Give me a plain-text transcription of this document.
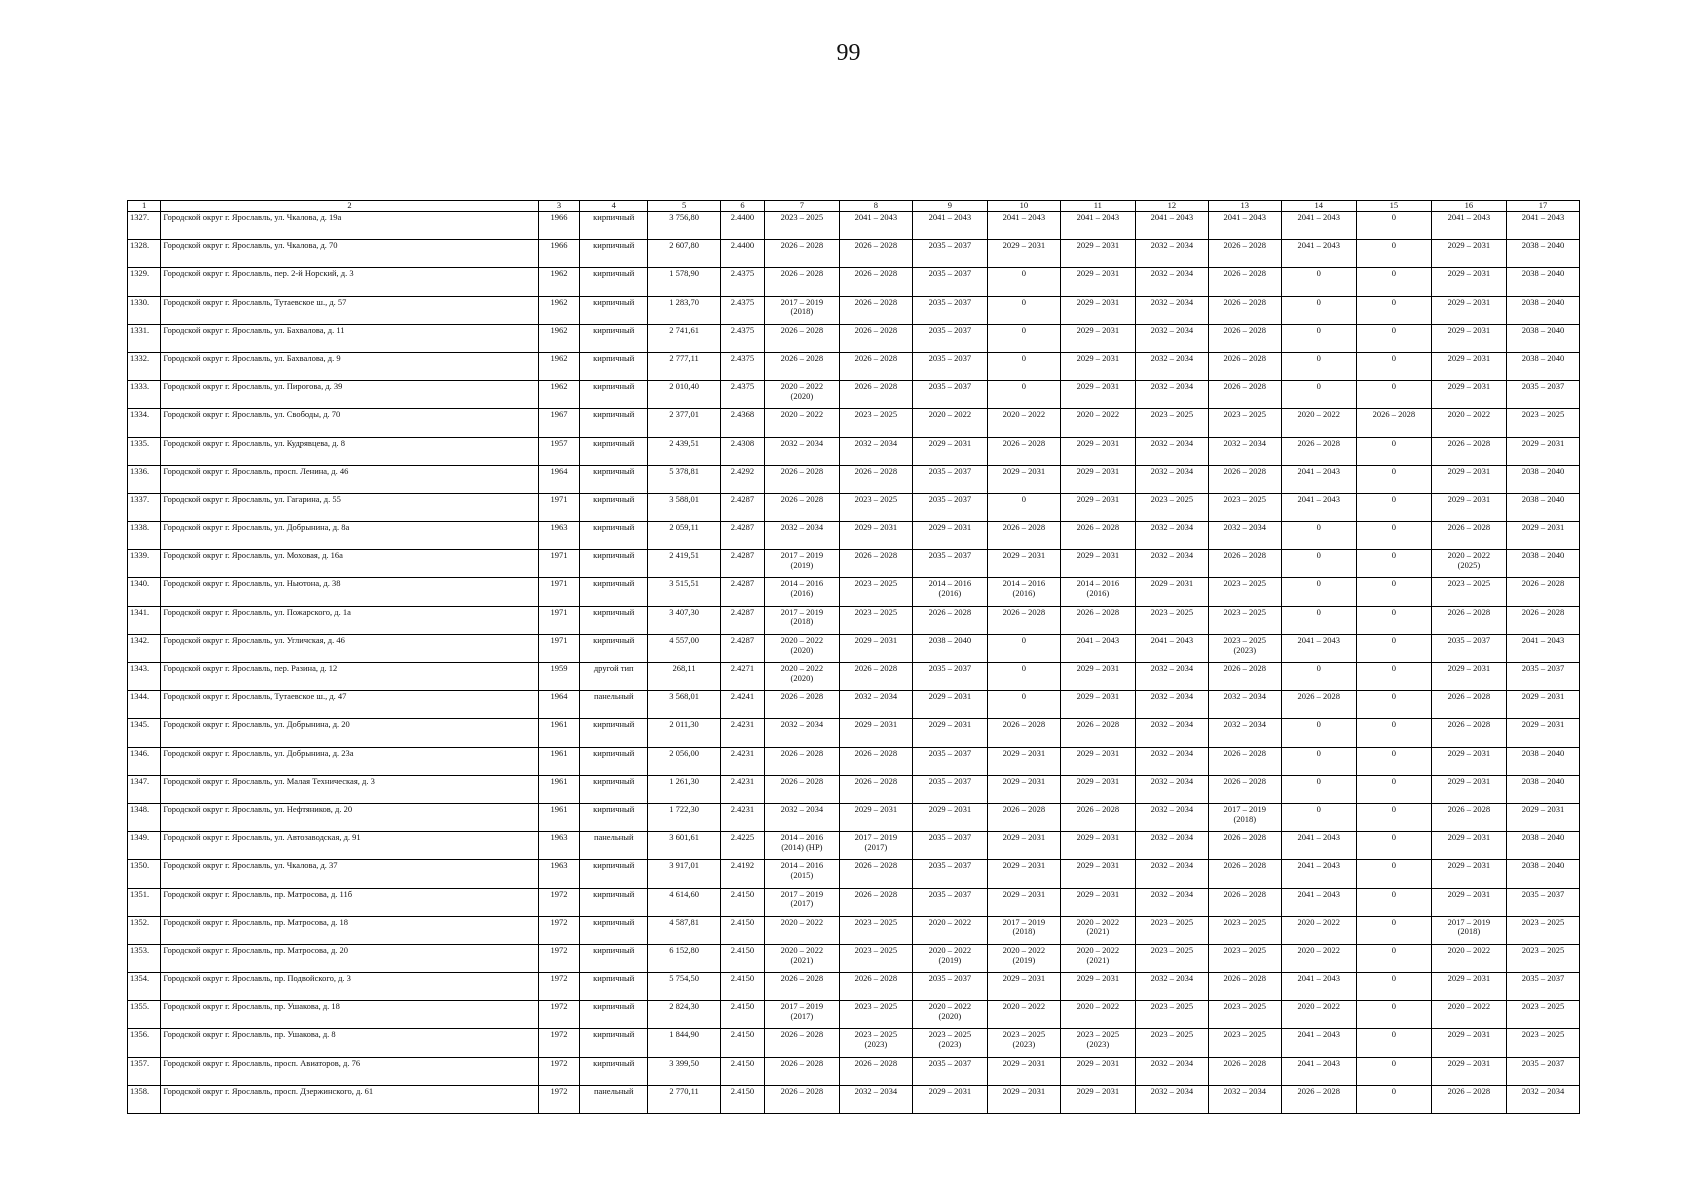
99
1	2	3	4	5	6	7	8	9	10	11	12	13	14	15	16	17

1327.	Городской округ г. Ярославль, ул. Чкалова, д. 19а	1966	кирпичный	3 756,80	2.4400	2023 – 2025	2041 – 2043	2041 – 2043	2041 – 2043	2041 – 2043	2041 – 2043	2041 – 2043	2041 – 2043	0	2041 – 2043	2041 – 2043

1328.	Городской округ г. Ярославль, ул. Чкалова, д. 70	1966	кирпичный	2 607,80	2.4400	2026 – 2028	2026 – 2028	2035 – 2037	2029 – 2031	2029 – 2031	2032 – 2034	2026 – 2028	2041 – 2043	0	2029 – 2031	2038 – 2040

1329.	Городской округ г. Ярославль, пер. 2-й Норский, д. 3	1962	кирпичный	1 578,90	2.4375	2026 – 2028	2026 – 2028	2035 – 2037	0	2029 – 2031	2032 – 2034	2026 – 2028	0	0	2029 – 2031	2038 – 2040

1330.	Городской округ г. Ярославль, Тутаевское ш., д. 57	1962	кирпичный	1 283,70	2.4375	2017 – 2019
(2018)	2026 – 2028	2035 – 2037	0	2029 – 2031	2032 – 2034	2026 – 2028	0	0	2029 – 2031	2038 – 2040

1331.	Городской округ г. Ярославль, ул. Бахвалова, д. 11	1962	кирпичный	2 741,61	2.4375	2026 – 2028	2026 – 2028	2035 – 2037	0	2029 – 2031	2032 – 2034	2026 – 2028	0	0	2029 – 2031	2038 – 2040

1332.	Городской округ г. Ярославль, ул. Бахвалова, д. 9	1962	кирпичный	2 777,11	2.4375	2026 – 2028	2026 – 2028	2035 – 2037	0	2029 – 2031	2032 – 2034	2026 – 2028	0	0	2029 – 2031	2038 – 2040

1333.	Городской округ г. Ярославль, ул. Пирогова, д. 39	1962	кирпичный	2 010,40	2.4375	2020 – 2022
(2020)	2026 – 2028	2035 – 2037	0	2029 – 2031	2032 – 2034	2026 – 2028	0	0	2029 – 2031	2035 – 2037

1334.	Городской округ г. Ярославль, ул. Свободы, д. 70	1967	кирпичный	2 377,01	2.4368	2020 – 2022	2023 – 2025	2020 – 2022	2020 – 2022	2020 – 2022	2023 – 2025	2023 – 2025	2020 – 2022	2026 – 2028	2020 – 2022	2023 – 2025

1335.	Городской округ г. Ярославль, ул. Кудрявцева, д. 8	1957	кирпичный	2 439,51	2.4308	2032 – 2034	2032 – 2034	2029 – 2031	2026 – 2028	2029 – 2031	2032 – 2034	2032 – 2034	2026 – 2028	0	2026 – 2028	2029 – 2031

1336.	Городской округ г. Ярославль, просп. Ленина, д. 46	1964	кирпичный	5 378,81	2.4292	2026 – 2028	2026 – 2028	2035 – 2037	2029 – 2031	2029 – 2031	2032 – 2034	2026 – 2028	2041 – 2043	0	2029 – 2031	2038 – 2040

1337.	Городской округ г. Ярославль, ул. Гагарина, д. 55	1971	кирпичный	3 588,01	2.4287	2026 – 2028	2023 – 2025	2035 – 2037	0	2029 – 2031	2023 – 2025	2023 – 2025	2041 – 2043	0	2029 – 2031	2038 – 2040

1338.	Городской округ г. Ярославль, ул. Добрынина, д. 8а	1963	кирпичный	2 059,11	2.4287	2032 – 2034	2029 – 2031	2029 – 2031	2026 – 2028	2026 – 2028	2032 – 2034	2032 – 2034	0	0	2026 – 2028	2029 – 2031

1339.	Городской округ г. Ярославль, ул. Моховая, д. 16а	1971	кирпичный	2 419,51	2.4287	2017 – 2019
(2019)	2026 – 2028	2035 – 2037	2029 – 2031	2029 – 2031	2032 – 2034	2026 – 2028	0	0	2020 – 2022
(2025)	2038 – 2040

1340.	Городской округ г. Ярославль, ул. Ньютона, д. 38	1971	кирпичный	3 515,51	2.4287	2014 – 2016
(2016)	2023 – 2025	2014 – 2016
(2016)	2014 – 2016
(2016)	2014 – 2016
(2016)	2029 – 2031	2023 – 2025	0	0	2023 – 2025	2026 – 2028

1341.	Городской округ г. Ярославль, ул. Пожарского, д. 1а	1971	кирпичный	3 407,30	2.4287	2017 – 2019
(2018)	2023 – 2025	2026 – 2028	2026 – 2028	2026 – 2028	2023 – 2025	2023 – 2025	0	0	2026 – 2028	2026 – 2028

1342.	Городской округ г. Ярославль, ул. Угличская, д. 46	1971	кирпичный	4 557,00	2.4287	2020 – 2022
(2020)	2029 – 2031	2038 – 2040	0	2041 – 2043	2041 – 2043	2023 – 2025
(2023)	2041 – 2043	0	2035 – 2037	2041 – 2043

1343.	Городской округ г. Ярославль, пер. Разина, д. 12	1959	другой тип	268,11	2.4271	2020 – 2022
(2020)	2026 – 2028	2035 – 2037	0	2029 – 2031	2032 – 2034	2026 – 2028	0	0	2029 – 2031	2035 – 2037

1344.	Городской округ г. Ярославль, Тутаевское ш., д. 47	1964	панельный	3 568,01	2.4241	2026 – 2028	2032 – 2034	2029 – 2031	0	2029 – 2031	2032 – 2034	2032 – 2034	2026 – 2028	0	2026 – 2028	2029 – 2031

1345.	Городской округ г. Ярославль, ул. Добрынина, д. 20	1961	кирпичный	2 011,30	2.4231	2032 – 2034	2029 – 2031	2029 – 2031	2026 – 2028	2026 – 2028	2032 – 2034	2032 – 2034	0	0	2026 – 2028	2029 – 2031

1346.	Городской округ г. Ярославль, ул. Добрынина, д. 23а	1961	кирпичный	2 056,00	2.4231	2026 – 2028	2026 – 2028	2035 – 2037	2029 – 2031	2029 – 2031	2032 – 2034	2026 – 2028	0	0	2029 – 2031	2038 – 2040

1347.	Городской округ г. Ярославль, ул. Малая Техническая, д. 3	1961	кирпичный	1 261,30	2.4231	2026 – 2028	2026 – 2028	2035 – 2037	2029 – 2031	2029 – 2031	2032 – 2034	2026 – 2028	0	0	2029 – 2031	2038 – 2040

1348.	Городской округ г. Ярославль, ул. Нефтяников, д. 20	1961	кирпичный	1 722,30	2.4231	2032 – 2034	2029 – 2031	2029 – 2031	2026 – 2028	2026 – 2028	2032 – 2034	2017 – 2019
(2018)	0	0	2026 – 2028	2029 – 2031

1349.	Городской округ г. Ярославль, ул. Автозаводская, д. 91	1963	панельный	3 601,61	2.4225	2014 – 2016
(2014) (НР)	2017 – 2019
(2017)	2035 – 2037	2029 – 2031	2029 – 2031	2032 – 2034	2026 – 2028	2041 – 2043	0	2029 – 2031	2038 – 2040

1350.	Городской округ г. Ярославль, ул. Чкалова, д. 37	1963	кирпичный	3 917,01	2.4192	2014 – 2016
(2015)	2026 – 2028	2035 – 2037	2029 – 2031	2029 – 2031	2032 – 2034	2026 – 2028	2041 – 2043	0	2029 – 2031	2038 – 2040

1351.	Городской округ г. Ярославль, пр. Матросова, д. 11б	1972	кирпичный	4 614,60	2.4150	2017 – 2019
(2017)	2026 – 2028	2035 – 2037	2029 – 2031	2029 – 2031	2032 – 2034	2026 – 2028	2041 – 2043	0	2029 – 2031	2035 – 2037

1352.	Городской округ г. Ярославль, пр. Матросова, д. 18	1972	кирпичный	4 587,81	2.4150	2020 – 2022	2023 – 2025	2020 – 2022	2017 – 2019
(2018)	2020 – 2022
(2021)	2023 – 2025	2023 – 2025	2020 – 2022	0	2017 – 2019
(2018)	2023 – 2025

1353.	Городской округ г. Ярославль, пр. Матросова, д. 20	1972	кирпичный	6 152,80	2.4150	2020 – 2022
(2021)	2023 – 2025	2020 – 2022
(2019)	2020 – 2022
(2019)	2020 – 2022
(2021)	2023 – 2025	2023 – 2025	2020 – 2022	0	2020 – 2022	2023 – 2025

1354.	Городской округ г. Ярославль, пр. Подвойского, д. 3	1972	кирпичный	5 754,50	2.4150	2026 – 2028	2026 – 2028	2035 – 2037	2029 – 2031	2029 – 2031	2032 – 2034	2026 – 2028	2041 – 2043	0	2029 – 2031	2035 – 2037

1355.	Городской округ г. Ярославль, пр. Ушакова, д. 18	1972	кирпичный	2 824,30	2.4150	2017 – 2019
(2017)	2023 – 2025	2020 – 2022
(2020)	2020 – 2022	2020 – 2022	2023 – 2025	2023 – 2025	2020 – 2022	0	2020 – 2022	2023 – 2025

1356.	Городской округ г. Ярославль, пр. Ушакова, д. 8	1972	кирпичный	1 844,90	2.4150	2026 – 2028	2023 – 2025
(2023)	2023 – 2025
(2023)	2023 – 2025
(2023)	2023 – 2025
(2023)	2023 – 2025	2023 – 2025	2041 – 2043	0	2029 – 2031	2023 – 2025

1357.	Городской округ г. Ярославль, просп. Авиаторов, д. 76	1972	кирпичный	3 399,50	2.4150	2026 – 2028	2026 – 2028	2035 – 2037	2029 – 2031	2029 – 2031	2032 – 2034	2026 – 2028	2041 – 2043	0	2029 – 2031	2035 – 2037

1358.	Городской округ г. Ярославль, просп. Дзержинского, д. 61	1972	панельный	2 770,11	2.4150	2026 – 2028	2032 – 2034	2029 – 2031	2029 – 2031	2029 – 2031	2032 – 2034	2032 – 2034	2026 – 2028	0	2026 – 2028	2032 – 2034
